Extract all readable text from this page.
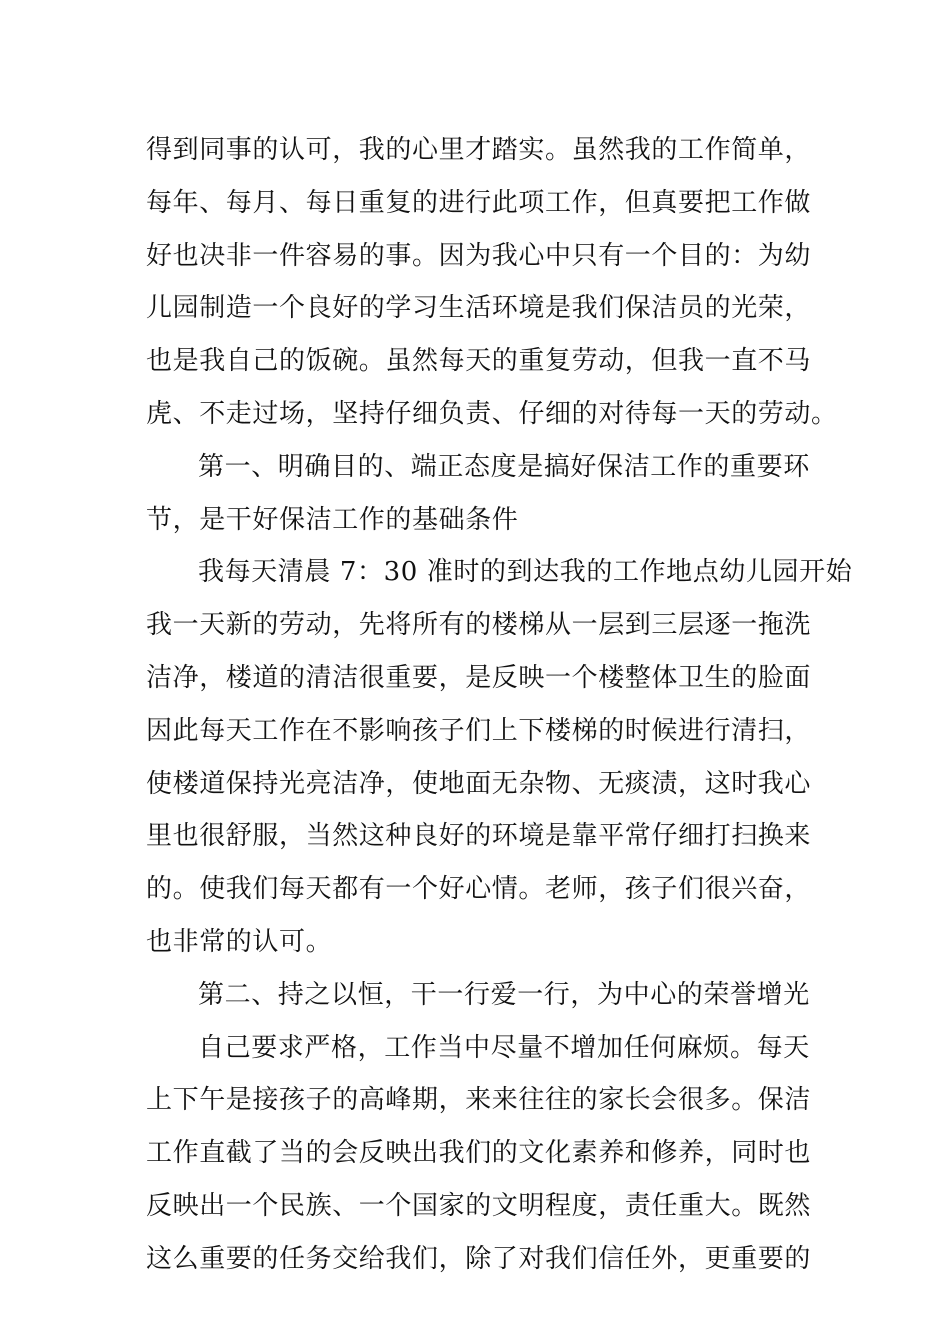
得到同事的认可，我的心里才踏实。虽然我的工作简单，
每年、每月、每日重复的进行此项工作，但真要把工作做
好也决非一件容易的事。因为我心中只有一个目的：为幼
儿园制造一个良好的学习生活环境是我们保洁员的光荣，
也是我自己的饭碗。虽然每天的重复劳动，但我一直不马
虎、不走过场，坚持仔细负责、仔细的对待每一天的劳动。
第一、明确目的、端正态度是搞好保洁工作的重要环
节，是干好保洁工作的基础条件
我每天清晨 7：30 准时的到达我的工作地点幼儿园开始
我一天新的劳动，先将所有的楼梯从一层到三层逐一拖洗
洁净，楼道的清洁很重要，是反映一个楼整体卫生的脸面
因此每天工作在不影响孩子们上下楼梯的时候进行清扫，
使楼道保持光亮洁净，使地面无杂物、无痰渍，这时我心
里也很舒服，当然这种良好的环境是靠平常仔细打扫换来
的。使我们每天都有一个好心情。老师，孩子们很兴奋，
也非常的认可。
第二、持之以恒，干一行爱一行，为中心的荣誉增光
自己要求严格，工作当中尽量不增加任何麻烦。每天
上下午是接孩子的高峰期，来来往往的家长会很多。保洁
工作直截了当的会反映出我们的文化素养和修养，同时也
反映出一个民族、一个国家的文明程度，责任重大。既然
这么重要的任务交给我们，除了对我们信任外，更重要的
